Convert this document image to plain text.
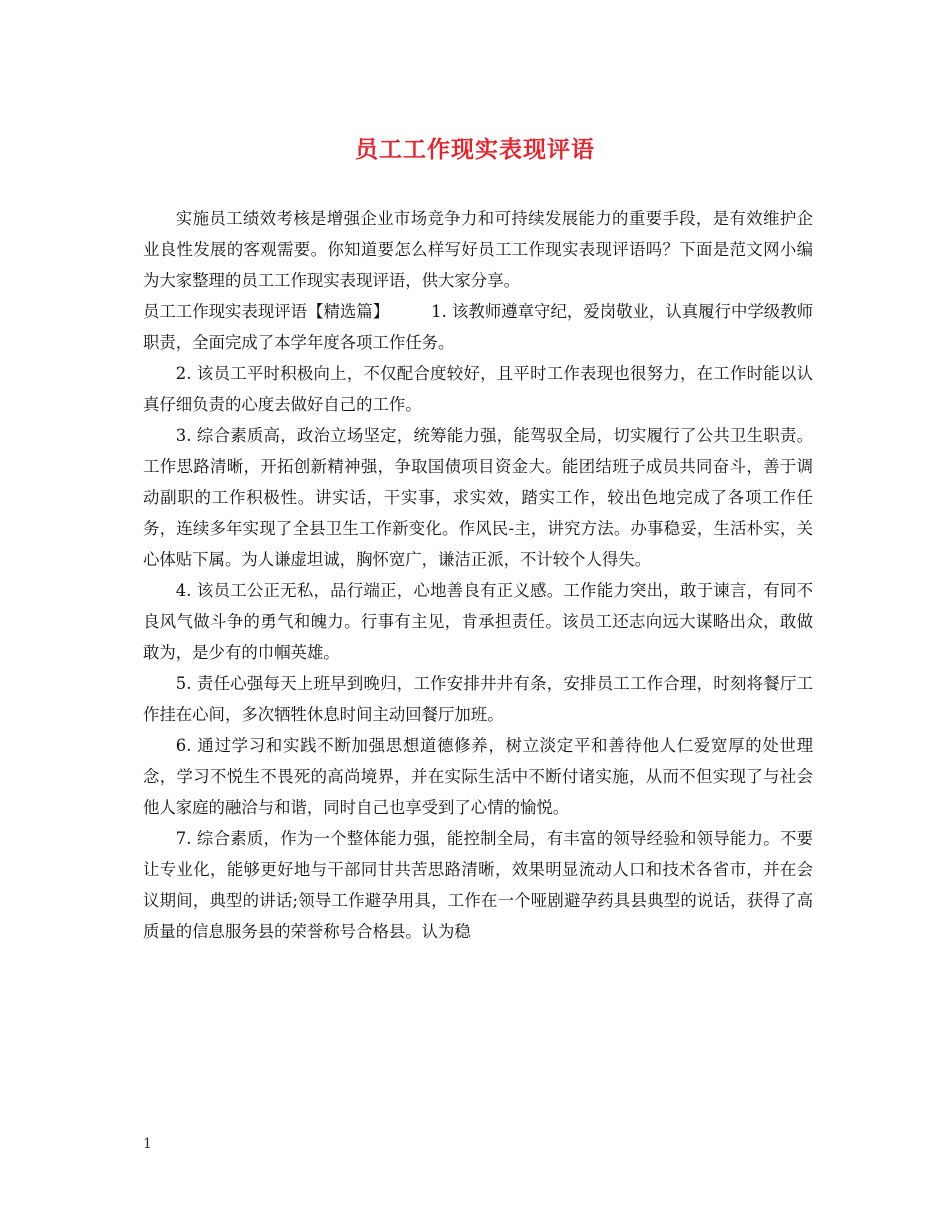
员工工作现实表现评语

实施员工绩效考核是增强企业市场竞争力和可持续发展能力的重要手段，是有效维护企业良性发展的客观需要。你知道要怎么样写好员工工作现实表现评语吗？下面是范文网小编为大家整理的员工工作现实表现评语，供大家分享。

员工工作现实表现评语【精选篇】	1. 该教师遵章守纪，爱岗敬业，认真履行中学级教师职责，全面完成了本学年度各项工作任务。

2. 该员工平时积极向上，不仅配合度较好，且平时工作表现也很努力，在工作时能以认真仔细负责的心度去做好自己的工作。

3. 综合素质高，政治立场坚定，统筹能力强，能驾驭全局，切实履行了公共卫生职责。工作思路清晰，开拓创新精神强，争取国债项目资金大。能团结班子成员共同奋斗，善于调动副职的工作积极性。讲实话，干实事，求实效，踏实工作，较出色地完成了各项工作任务，连续多年实现了全县卫生工作新变化。作风民-主，讲究方法。办事稳妥，生活朴实，关心体贴下属。为人谦虚坦诚，胸怀宽广，谦洁正派，不计较个人得失。

4. 该员工公正无私，品行端正，心地善良有正义感。工作能力突出，敢于谏言，有同不良风气做斗争的勇气和魄力。行事有主见，肯承担责任。该员工还志向远大谋略出众，敢做敢为，是少有的巾帼英雄。

5. 责任心强每天上班早到晚归，工作安排井井有条，安排员工工作合理，时刻将餐厅工作挂在心间，多次牺牲休息时间主动回餐厅加班。

6. 通过学习和实践不断加强思想道德修养，树立淡定平和善待他人仁爱宽厚的处世理念，学习不悦生不畏死的高尚境界，并在实际生活中不断付诸实施，从而不但实现了与社会他人家庭的融洽与和谐，同时自己也享受到了心情的愉悦。

7. 综合素质，作为一个整体能力强，能控制全局，有丰富的领导经验和领导能力。不要让专业化，能够更好地与干部同甘共苦思路清晰，效果明显流动人口和技术各省市，并在会议期间，典型的讲话;领导工作避孕用具，工作在一个哑剧避孕药具县典型的说话，获得了高质量的信息服务县的荣誉称号合格县。认为稳

1
